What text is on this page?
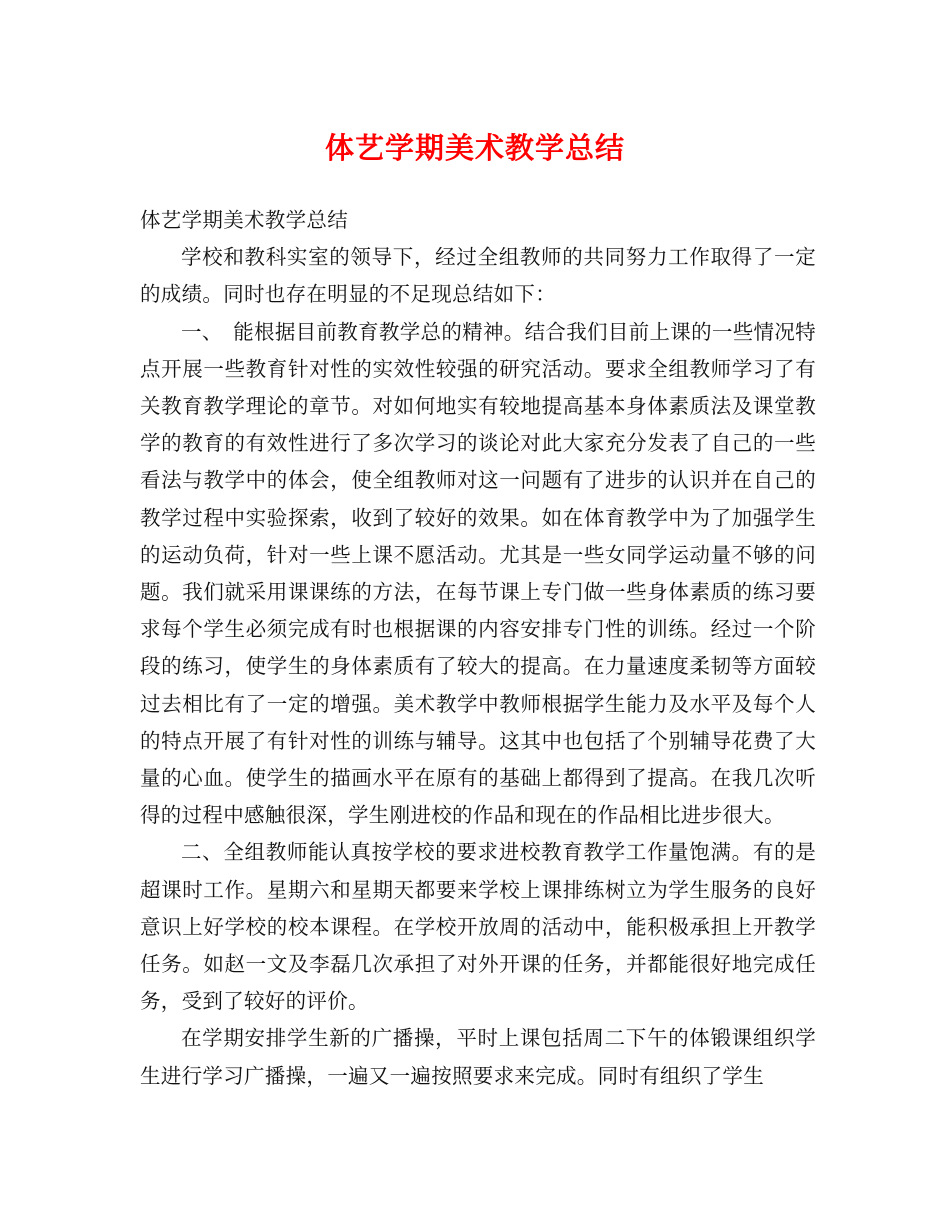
体艺学期美术教学总结

体艺学期美术教学总结

学校和教科实室的领导下，经过全组教师的共同努力工作取得了一定的成绩。同时也存在明显的不足现总结如下：

一、　能根据目前教育教学总的精神。结合我们目前上课的一些情况特点开展一些教育针对性的实效性较强的研究活动。要求全组教师学习了有关教育教学理论的章节。对如何地实有较地提高基本身体素质法及课堂教学的教育的有效性进行了多次学习的谈论对此大家充分发表了自己的一些看法与教学中的体会，使全组教师对这一问题有了进步的认识并在自己的教学过程中实验探索，收到了较好的效果。如在体育教学中为了加强学生的运动负荷，针对一些上课不愿活动。尤其是一些女同学运动量不够的问题。我们就采用课课练的方法，在每节课上专门做一些身体素质的练习要求每个学生必须完成有时也根据课的内容安排专门性的训练。经过一个阶段的练习，使学生的身体素质有了较大的提高。在力量速度柔韧等方面较过去相比有了一定的增强。美术教学中教师根据学生能力及水平及每个人的特点开展了有针对性的训练与辅导。这其中也包括了个别辅导花费了大量的心血。使学生的描画水平在原有的基础上都得到了提高。在我几次听得的过程中感触很深，学生刚进校的作品和现在的作品相比进步很大。

二、全组教师能认真按学校的要求进校教育教学工作量饱满。有的是超课时工作。星期六和星期天都要来学校上课排练树立为学生服务的良好意识上好学校的校本课程。在学校开放周的活动中，能积极承担上开教学任务。如赵一文及李磊几次承担了对外开课的任务，并都能很好地完成任务，受到了较好的评价。

在学期安排学生新的广播操，平时上课包括周二下午的体锻课组织学生进行学习广播操，一遍又一遍按照要求来完成。同时有组织了学生
